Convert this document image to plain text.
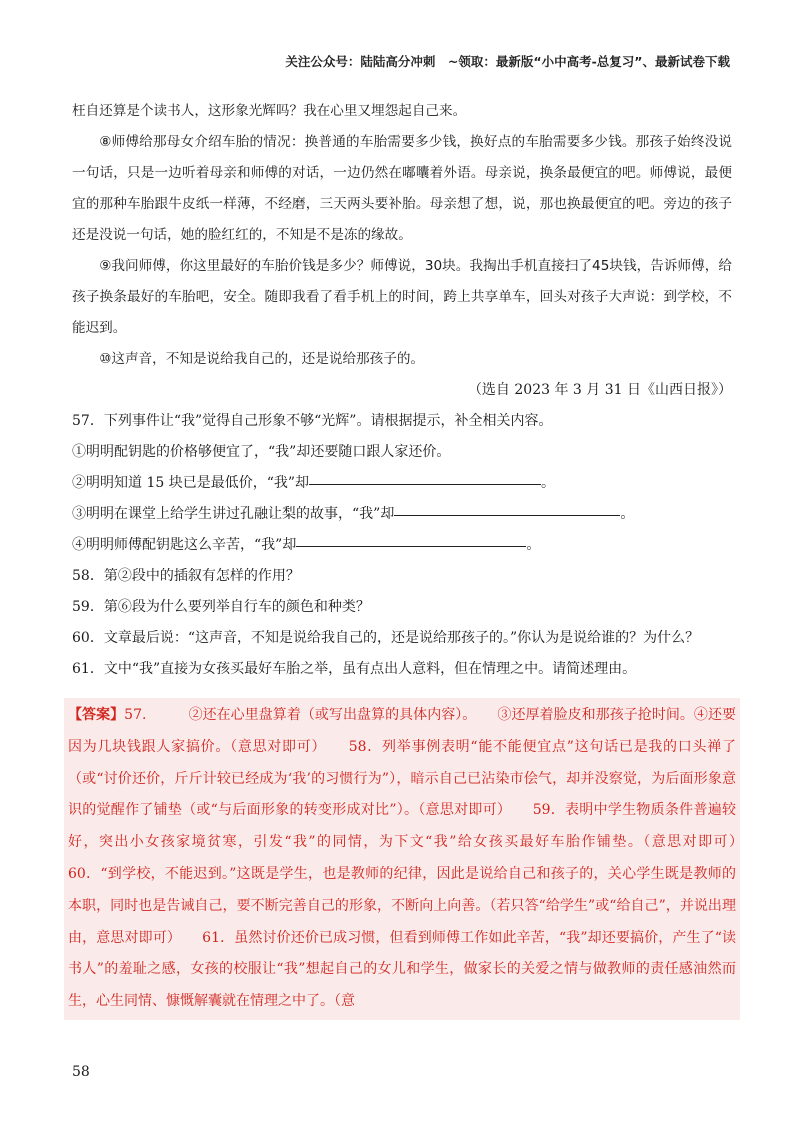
关注公众号：陆陆高分冲刺　~领取：最新版“小中高考-总复习”、最新试卷下载

枉自还算是个读书人，这形象光辉吗？我在心里又埋怨起自己来。

⑧师傅给那母女介绍车胎的情况：换普通的车胎需要多少钱，换好点的车胎需要多少钱。那孩子始终没说一句话，只是一边听着母亲和师傅的对话，一边仍然在嘟囔着外语。母亲说，换条最便宜的吧。师傅说，最便宜的那种车胎跟牛皮纸一样薄，不经磨，三天两头要补胎。母亲想了想，说，那也换最便宜的吧。旁边的孩子还是没说一句话，她的脸红红的，不知是不是冻的缘故。

⑨我问师傅，你这里最好的车胎价钱是多少？师傅说，30块。我掏出手机直接扫了45块钱，告诉师傅，给孩子换条最好的车胎吧，安全。随即我看了看手机上的时间，跨上共享单车，回头对孩子大声说：到学校，不能迟到。

⑩这声音，不知是说给我自己的，还是说给那孩子的。

（选自 2023 年 3 月 31 日《山西日报》）

57．下列事件让“我”觉得自己形象不够“光辉”。请根据提示，补全相关内容。

①明明配钥匙的价格够便宜了，“我”却还要随口跟人家还价。

②明明知道 15 块已是最低价，“我”却	。

③明明在课堂上给学生讲过孔融让梨的故事，“我”却	。

④明明师傅配钥匙这么辛苦，“我”却	。

58．第②段中的插叙有怎样的作用？

59．第⑥段为什么要列举自行车的颜色和种类？

60．文章最后说：“这声音，不知是说给我自己的，还是说给那孩子的。”你认为是说给谁的？为什么？

61．文中“我”直接为女孩买最好车胎之举，虽有点出人意料，但在情理之中。请简述理由。

【答案】57.　　　②还在心里盘算着（或写出盘算的具体内容）。　　③还厚着脸皮和那孩子抢时间。④还要因为几块钱跟人家搞价。（意思对即可）　　58．列举事例表明“能不能便宜点”这句话已是我的口头禅了（或“讨价还价，斤斤计较已经成为‘我’的习惯行为”），暗示自己已沾染市侩气，却并没察觉，为后面形象意识的觉醒作了铺垫（或“与后面形象的转变形成对比”）。（意思对即可）　　59．表明中学生物质条件普遍较好，突出小女孩家境贫寒，引发“我”的同情，为下文“我”给女孩买最好车胎作铺垫。（意思对即可）　　60．“到学校，不能迟到。”这既是学生，也是教师的纪律，因此是说给自己和孩子的，关心学生既是教师的本职，同时也是告诫自己，要不断完善自己的形象，不断向上向善。（若只答“给学生”或“给自己”，并说出理由，意思对即可）　　61．虽然讨价还价已成习惯，但看到师傅工作如此辛苦，“我”却还要搞价，产生了“读书人”的羞耻之感，女孩的校服让“我”想起自己的女儿和学生，做家长的关爱之情与做教师的责任感油然而生，心生同情、慷慨解囊就在情理之中了。（意

58
